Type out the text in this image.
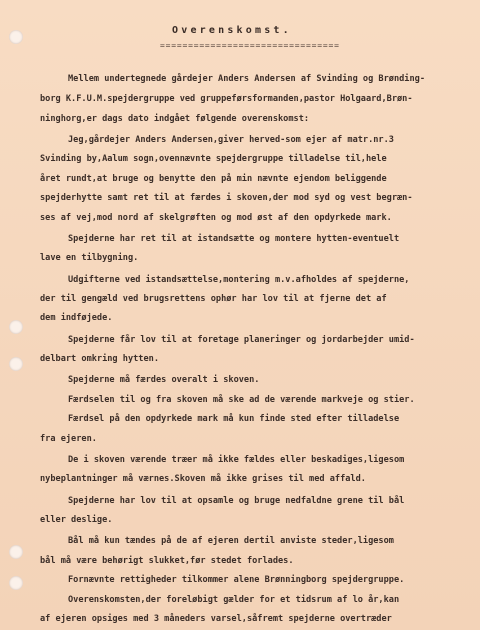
Overenskomst.
================================
Mellem undertegnede gårdejer Anders Andersen af Svinding og Brønding-
borg K.F.U.M.spejdergruppe ved gruppeførsformanden,pastor Holgaard,Brøn-
ninghorg,er dags dato indgået følgende overenskomst:
Jeg,gårdejer Anders Andersen,giver herved-som ejer af matr.nr.3
Svinding by,Aalum sogn,ovennævnte spejdergruppe tilladelse til,hele
året rundt,at bruge og benytte den på min nævnte ejendom beliggende
spejderhytte samt ret til at færdes i skoven,der mod syd og vest begræn-
ses af vej,mod nord af skelgrøften og mod øst af den opdyrkede mark.
Spejderne har ret til at istandsætte og montere hytten-eventuelt
lave en tilbygning.
Udgifterne ved istandsættelse,montering m.v.afholdes af spejderne,
der til gengæld ved brugsrettens ophør har lov til at fjerne det af
dem indføjede.
Spejderne får lov til at foretage planeringer og jordarbejder umid-
delbart omkring hytten.
Spejderne må færdes overalt i skoven.
Færdselen til og fra skoven må ske ad de værende markveje og stier.
Færdsel på den opdyrkede mark må kun finde sted efter tilladelse
fra ejeren.
De i skoven værende træer må ikke fældes eller beskadiges,ligesom
nybeplantninger må værnes.Skoven må ikke grises til med affald.
Spejderne har lov til at opsamle og bruge nedfaldne grene til bål
eller deslige.
Bål må kun tændes på de af ejeren dertil anviste steder,ligesom
bål må være behørigt slukket,før stedet forlades.
Fornævnte rettigheder tilkommer alene Brønningborg spejdergruppe.
Overenskomsten,der foreløbigt gælder for et tidsrum af lo år,kan
af ejeren opsiges med 3 måneders varsel,såfremt spejderne overtræder
